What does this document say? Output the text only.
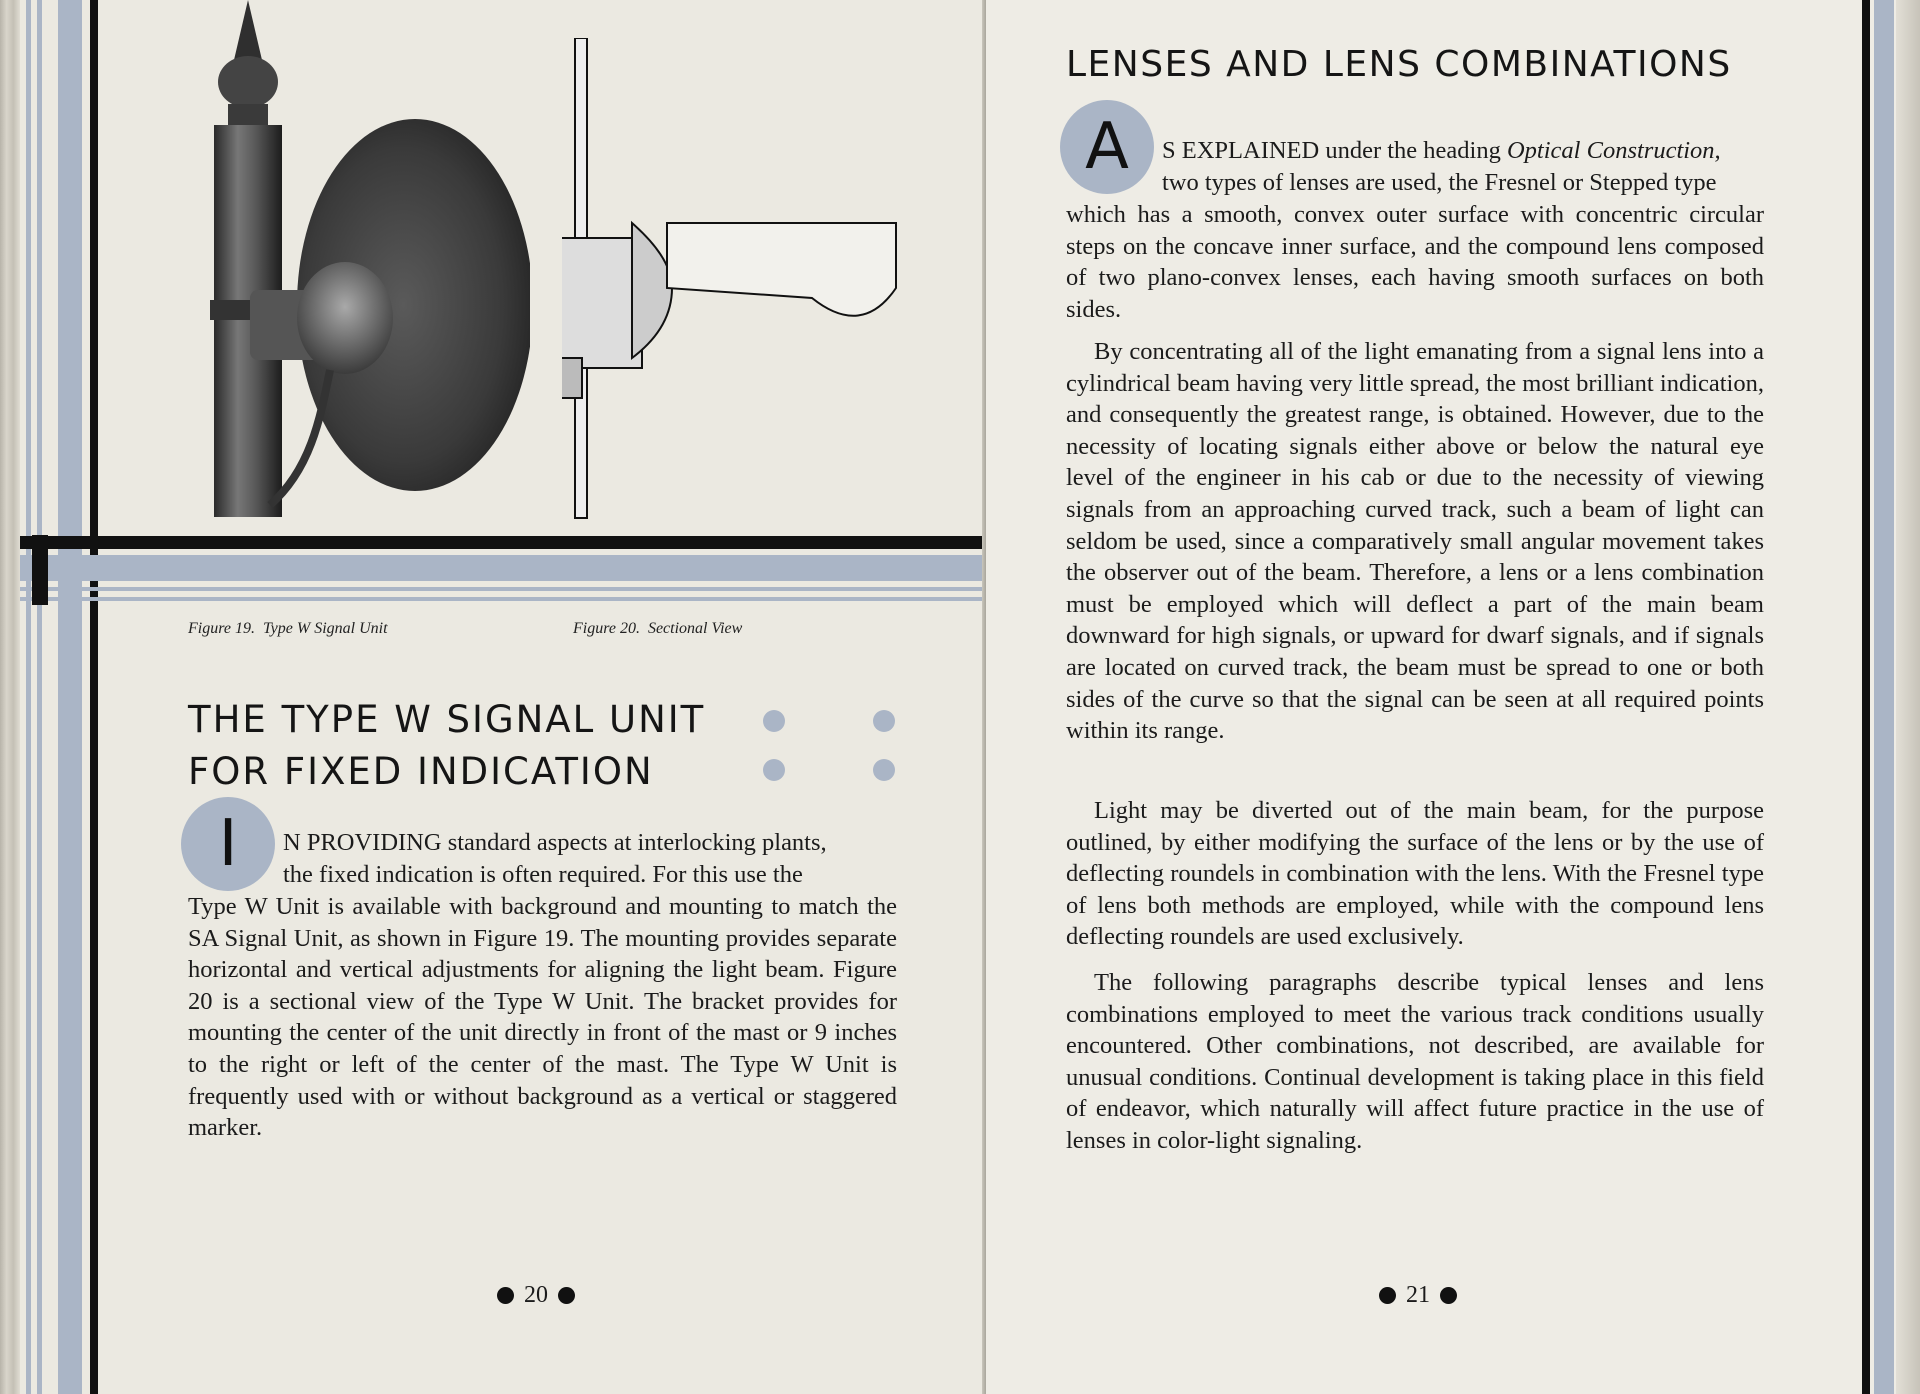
Figure 19. Type W Signal Unit	Figure 20. Sectional View
THE TYPE W SIGNAL UNIT
FOR FIXED INDICATION
I	N PROVIDING standard aspects at interlocking plants,

the fixed indication is often required. For this use the

Type W Unit is available with background and mounting to match the SA Signal Unit, as shown in Figure 19. The mounting provides separate horizontal and vertical adjustments for aligning the light beam. Figure 20 is a sectional view of the Type W Unit. The bracket provides for mounting the center of the unit directly in front of the mast or 9 inches to the right or left of the center of the mast. The Type W Unit is frequently used with or without background as a vertical or staggered marker.

20
LENSES AND LENS COMBINATIONS
A	S EXPLAINED under the heading Optical Construction,

two types of lenses are used, the Fresnel or Stepped type

which has a smooth, convex outer surface with concentric circular steps on the concave inner surface, and the compound lens composed of two plano-convex lenses, each having smooth surfaces on both sides.

By concentrating all of the light emanating from a signal lens into a cylindrical beam having very little spread, the most brilliant indication, and consequently the greatest range, is obtained. However, due to the necessity of locating signals either above or below the natural eye level of the engineer in his cab or due to the necessity of viewing signals from an approaching curved track, such a beam of light can seldom be used, since a comparatively small angular movement takes the observer out of the beam. Therefore, a lens or a lens combination must be employed which will deflect a part of the main beam downward for high signals, or upward for dwarf signals, and if signals are located on curved track, the beam must be spread to one or both sides of the curve so that the signal can be seen at all required points within its range.

Light may be diverted out of the main beam, for the purpose outlined, by either modifying the surface of the lens or by the use of deflecting roundels in combination with the lens. With the Fresnel type of lens both methods are employed, while with the compound lens deflecting roundels are used exclusively.

The following paragraphs describe typical lenses and lens combinations employed to meet the various track conditions usually encountered. Other combinations, not described, are available for unusual conditions. Continual development is taking place in this field of endeavor, which naturally will affect future practice in the use of lenses in color-light signaling.

21
